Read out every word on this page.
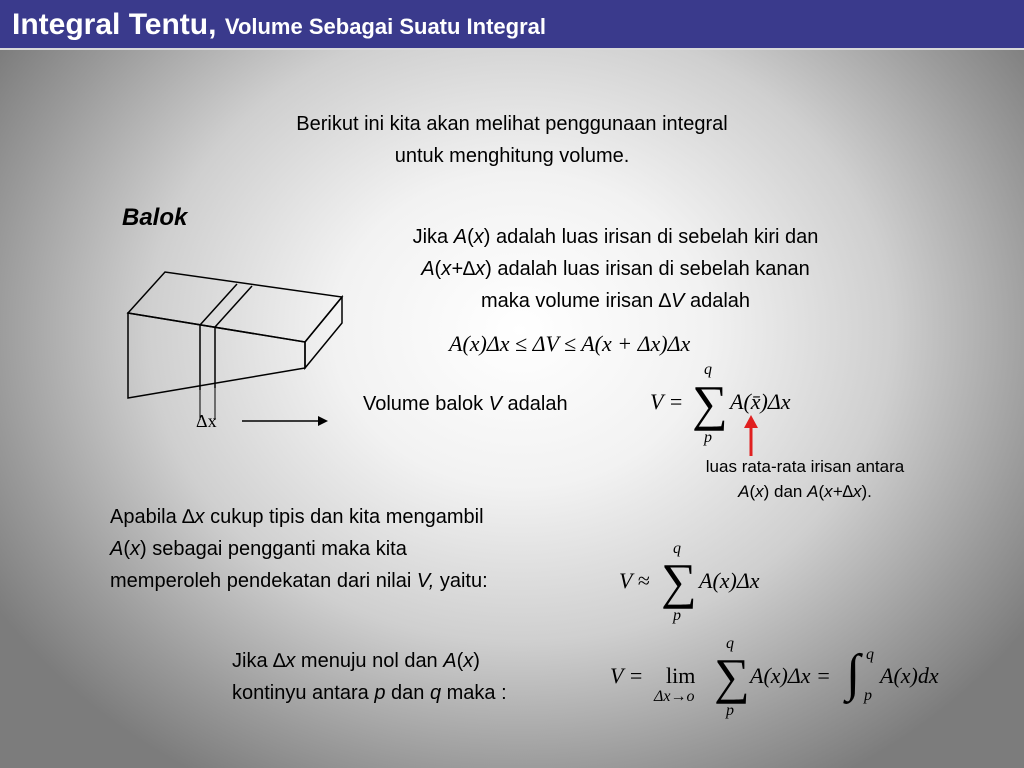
Integral Tentu, Volume Sebagai Suatu Integral
Berikut ini kita akan melihat penggunaan integral
untuk menghitung volume.
Balok
Δx
Jika A(x) adalah luas irisan di sebelah kiri dan
A(x+∆x) adalah luas irisan di sebelah kanan
maka volume irisan ∆V adalah
A(x)Δx ≤ ΔV ≤ A(x + Δx)Δx
Volume balok V adalah	V = ∑
q
p
A(x̄)Δx
luas rata-rata irisan antara
A(x) dan A(x+∆x).
Apabila ∆x cukup tipis dan kita mengambil
A(x) sebagai pengganti maka kita
memperoleh pendekatan dari nilai V, yaitu:	V ≈ ∑
q
p
A(x)Δx
Jika ∆x menuju nol dan A(x)
kontinyu antara p dan q maka :
V = lim
Δx→o ∑
q
p
A(x)Δx = ∫ q
p
A(x)dx
